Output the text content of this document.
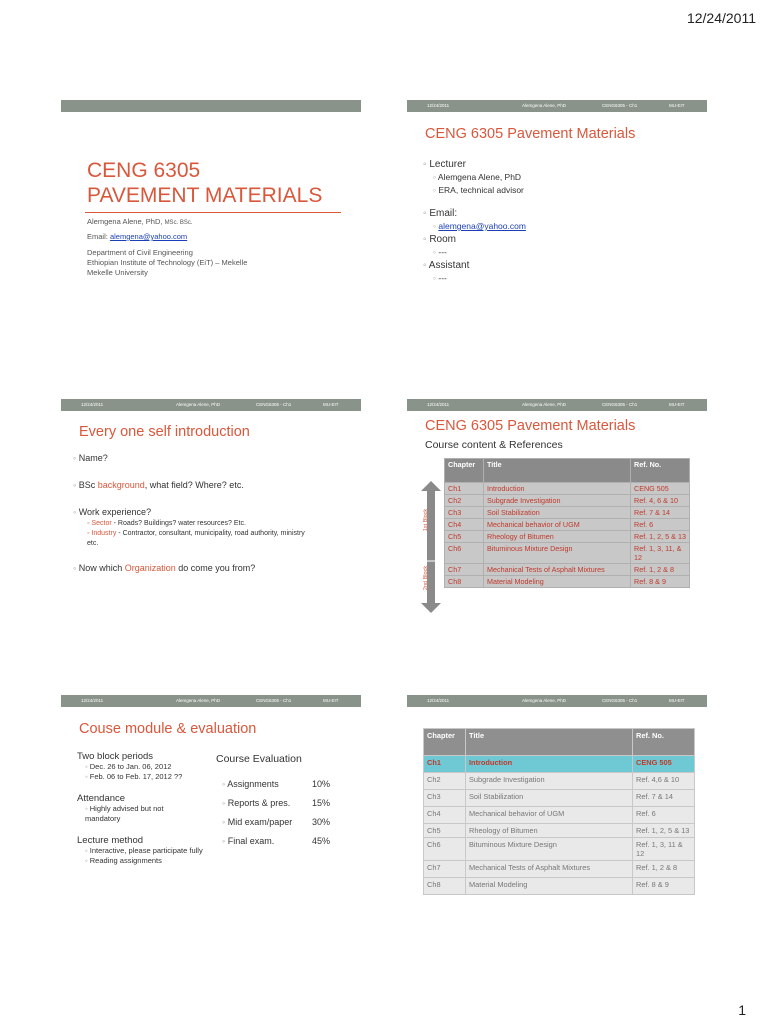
12/24/2011
CENG 6305
PAVEMENT MATERIALS
Alemgena Alene, PhD, MSc. BSc.
Email: alemgena@yahoo.com
Department of Civil Engineering
Ethiopian Institute of Technology (EiT) – Mekelle
Mekelle University
12/24/2011	Alemgena Alene, PhD	CENG6305 - Ch1	MU-EIT
CENG 6305 Pavement Materials
◦ Lecturer
◦ Alemgena Alene, PhD
◦ ERA, technical advisor
◦ Email:
◦ alemgena@yahoo.com
◦ Room
◦ ---
◦ Assistant
◦ ---
12/24/2011	Alemgena Alene, PhD	CENG6305 - Ch1	MU-EIT
Every one self introduction
◦ Name?
◦ BSc background, what field? Where? etc.
◦ Work experience?
◦ Sector - Roads? Buildings? water resources? Etc.
◦ Industry - Contractor, consultant, municipality, road authority, ministry etc.
◦ Now which Organization do come you from?
12/24/2011	Alemgena Alene, PhD	CENG6305 - Ch1	MU-EIT
CENG 6305 Pavement Materials
Course content & References
1st Block
2nd Block
Chapter	Title	Ref. No.
Ch1	Introduction	CENG 505
Ch2	Subgrade Investigation	Ref. 4, 6 & 10
Ch3	Soil Stabilization	Ref. 7 & 14
Ch4	Mechanical behavior of UGM	Ref. 6
Ch5	Rheology of Bitumen	Ref. 1, 2, 5 & 13
Ch6	Bituminous Mixture Design	Ref. 1, 3, 11, & 12
Ch7	Mechanical Tests of Asphalt Mixtures	Ref. 1, 2 & 8
Ch8	Material Modeling	Ref. 8 & 9
12/24/2011	Alemgena Alene, PhD	CENG6305 - Ch1	MU-EIT
Couse module & evaluation
Two block periods
◦ Dec. 26 to Jan. 06, 2012
◦ Feb. 06 to Feb. 17, 2012 ??
Attendance
◦ Highly advised but not mandatory
Lecture method
◦ Interactive, please participate fully
◦ Reading assignments
Course Evaluation
◦ Assignments	10%
◦ Reports & pres. 15%
◦ Mid exam/paper 30%
◦ Final exam.	45%
12/24/2011	Alemgena Alene, PhD	CENG6305 - Ch1	MU-EIT
Chapter	Title	Ref. No.
Ch1	Introduction	CENG 505
Ch2	Subgrade Investigation	Ref. 4,6 & 10
Ch3	Soil Stabilization	Ref. 7 & 14
Ch4	Mechanical behavior of UGM	Ref. 6
Ch5	Rheology of Bitumen	Ref. 1, 2, 5 & 13
Ch6	Bituminous Mixture Design	Ref. 1, 3, 11 & 12
Ch7	Mechanical Tests of Asphalt Mixtures	Ref. 1, 2 & 8
Ch8	Material Modeling	Ref. 8 & 9
1
